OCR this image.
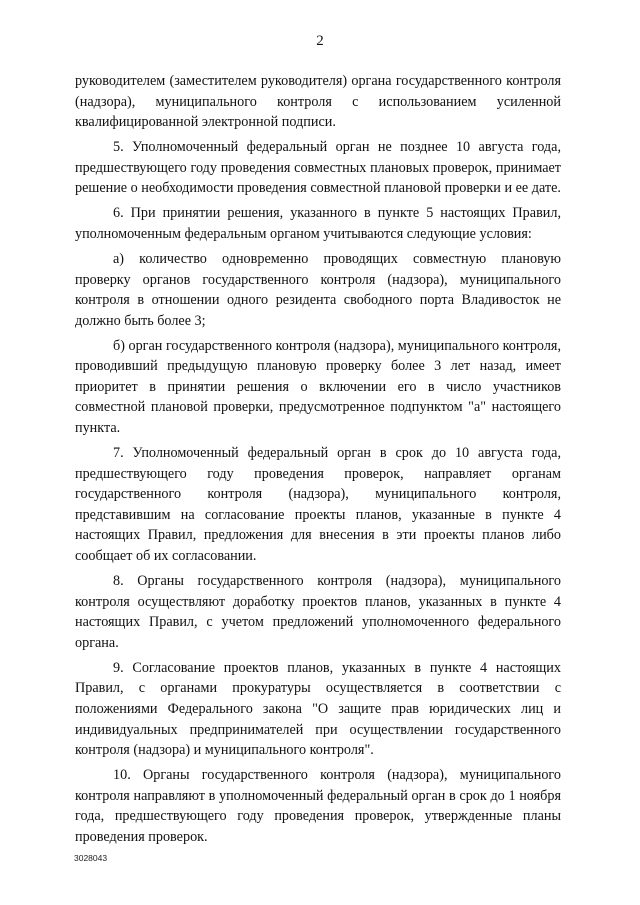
2

руководителем (заместителем руководителя) органа государственного контроля (надзора), муниципального контроля с использованием усиленной квалифицированной электронной подписи.

5. Уполномоченный федеральный орган не позднее 10 августа года, предшествующего году проведения совместных плановых проверок, принимает решение о необходимости проведения совместной плановой проверки и ее дате.

6. При принятии решения, указанного в пункте 5 настоящих Правил, уполномоченным федеральным органом учитываются следующие условия:

а) количество одновременно проводящих совместную плановую проверку органов государственного контроля (надзора), муниципального контроля в отношении одного резидента свободного порта Владивосток не должно быть более 3;

б) орган государственного контроля (надзора), муниципального контроля, проводивший предыдущую плановую проверку более 3 лет назад, имеет приоритет в принятии решения о включении его в число участников совместной плановой проверки, предусмотренное подпунктом "а" настоящего пункта.

7. Уполномоченный федеральный орган в срок до 10 августа года, предшествующего году проведения проверок, направляет органам государственного контроля (надзора), муниципального контроля, представившим на согласование проекты планов, указанные в пункте 4 настоящих Правил, предложения для внесения в эти проекты планов либо сообщает об их согласовании.

8. Органы государственного контроля (надзора), муниципального контроля осуществляют доработку проектов планов, указанных в пункте 4 настоящих Правил, с учетом предложений уполномоченного федерального органа.

9. Согласование проектов планов, указанных в пункте 4 настоящих Правил, с органами прокуратуры осуществляется в соответствии с положениями Федерального закона "О защите прав юридических лиц и индивидуальных предпринимателей при осуществлении государственного контроля (надзора) и муниципального контроля".

10. Органы государственного контроля (надзора), муниципального контроля направляют в уполномоченный федеральный орган в срок до 1 ноября года, предшествующего году проведения проверок, утвержденные планы проведения проверок.

3028043
